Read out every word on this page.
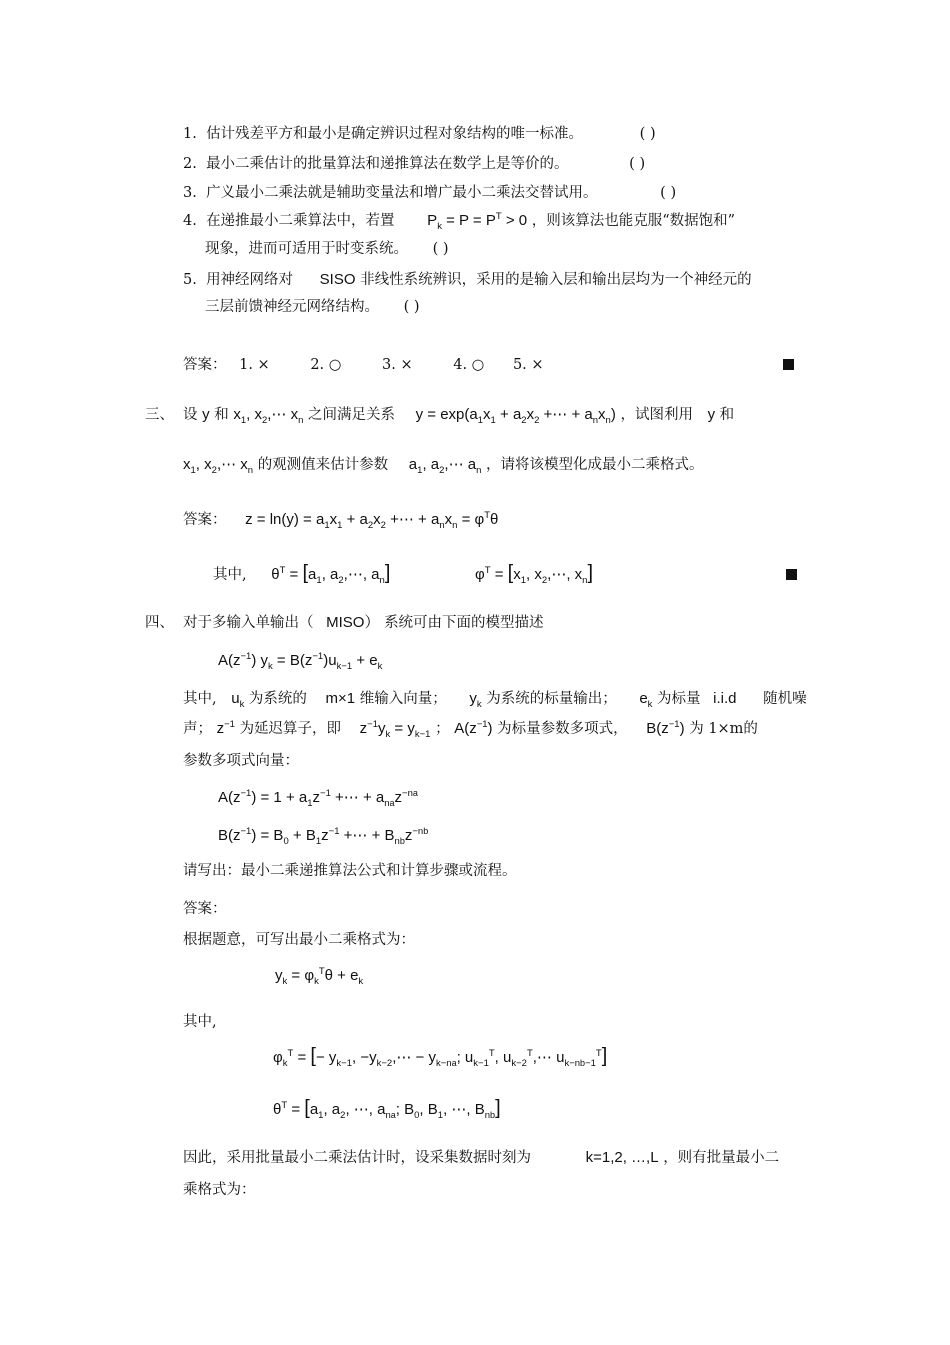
1. 估计残差平方和最小是确定辨识过程对象结构的唯一标准。	( )
2. 最小二乘估计的批量算法和递推算法在数学上是等价的。	( )
3. 广义最小二乘法就是辅助变量法和增广最小二乘法交替试用。	( )
4. 在递推最小二乘算法中，若置 $P_k = P = P^T > 0$ ，则该算法也能克服“数据饱和”
现象，进而可适用于时变系统。 ( )
5. 用神经网络对 SISO 非线性系统辨识，采用的是输入层和输出层均为一个神经元的
三层前馈神经元网络结构。 ( )
答案： 1. ×	2. ○	3. ×	4. ○ 5. ×
三、 设 y 和 $x_1$, $x_2,\cdots$ $x_n$ 之间满足关系 $y = \exp(a_1x_1 + a_2x_2$ +⋯ + $a_nx_n$) ，试图利用 y 和
$x_1$, $x_2,\cdots$ $x_n$ 的观测值来估计参数 $a_1$, $a_2,\cdots$ $a_n$ ，请将该模型化成最小二乘格式。
答案： $z = \ln(y) = a_1x_1 + a_2x_2$ +⋯ + $a_nx_n = \varphi^T\theta$
其中, $\theta^T = [a_1$, $a_2,\cdots$, $a_n$]	$\varphi^T = [x_1$, $x_2,\cdots$, $x_n$]
四、 对于多输入单输出（ MISO） 系统可由下面的模型描述
$A(z^{-1}) y_k = B(z^{-1})u_{k-1} + e_k$
其中, $u_k$ 为系统的 m×1 维输入向量； $y_k$ 为系统的标量输出； $e_k$ 为标量 i.i.d 随机噪
声； $z^{-1}$ 为延迟算子，即 $z^{-1}y_k = y_{k-1}$ ； $A(z^{-1})$ 为标量参数多项式， $B(z^{-1})$ 为 1×m的
参数多项式向量：
$A(z^{-1}) = 1 + a_1z^{-1}$ +⋯ + $a_{na}z^{-na}$
$B(z^{-1}) = B_0 + B_1z^{-1}$ +⋯ + $B_{nb}z^{-nb}$
请写出：最小二乘递推算法公式和计算步骤或流程。
答案：
根据题意，可写出最小二乘格式为：
$y_k = \varphi_k^T\theta + e_k$
其中,
$\varphi_k^T$ = [− $y_{k-1}$, $-y_{k-2},\cdots - y_{k-na}$; $u_{k-1}^T$, $u_{k-2}^T,\cdots$ $u_{k-nb-1}^T$]
$\theta^T = [a_1$, $a_2$, ⋯, $a_{na}$; $B_0$, $B_1$, ⋯, $B_{nb}$]
因此，采用批量最小二乘法估计时，设采集数据时刻为	k=1,2, …,L ，则有批量最小二
乘格式为：
